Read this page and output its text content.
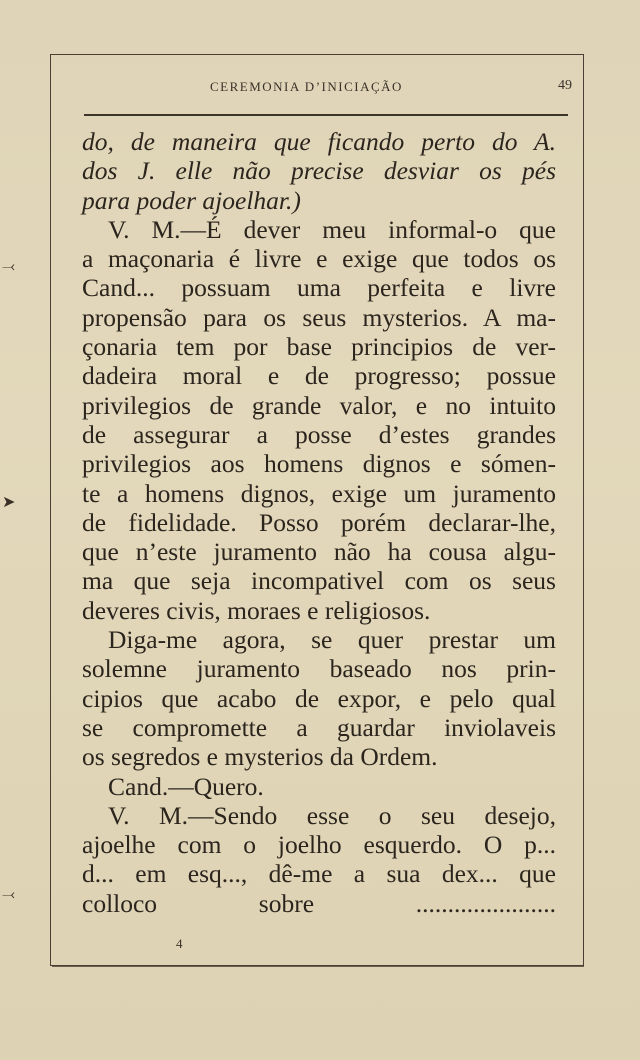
CEREMONIA D’INICIAÇÃO	49
do, de maneira que ficando perto do A.
dos J. elle não precise desviar os pés
para poder ajoelhar.)
V. M.—É dever meu informal-o que
a maçonaria é livre e exige que todos os
Cand... possuam uma perfeita e livre
propensão para os seus mysterios. A ma-
çonaria tem por base principios de ver-
dadeira moral e de progresso; possue
privilegios de grande valor, e no intuito
de assegurar a posse d’estes grandes
privilegios aos homens dignos e sómen-
te a homens dignos, exige um juramento
de fidelidade. Posso porém declarar-lhe,
que n’este juramento não ha cousa algu-
ma que seja incompativel com os seus
deveres civis, moraes e religiosos.
Diga-me agora, se quer prestar um
solemne juramento baseado nos prin-
cipios que acabo de expor, e pelo qual
se compromette a guardar inviolaveis
os segredos e mysterios da Ordem.
Cand.—Quero.
V. M.—Sendo esse o seu desejo,
ajoelhe com o joelho esquerdo. O p...
d... em esq..., dê-me a sua dex... que
colloco sobre ......................
4
⤙
➤
⤙
